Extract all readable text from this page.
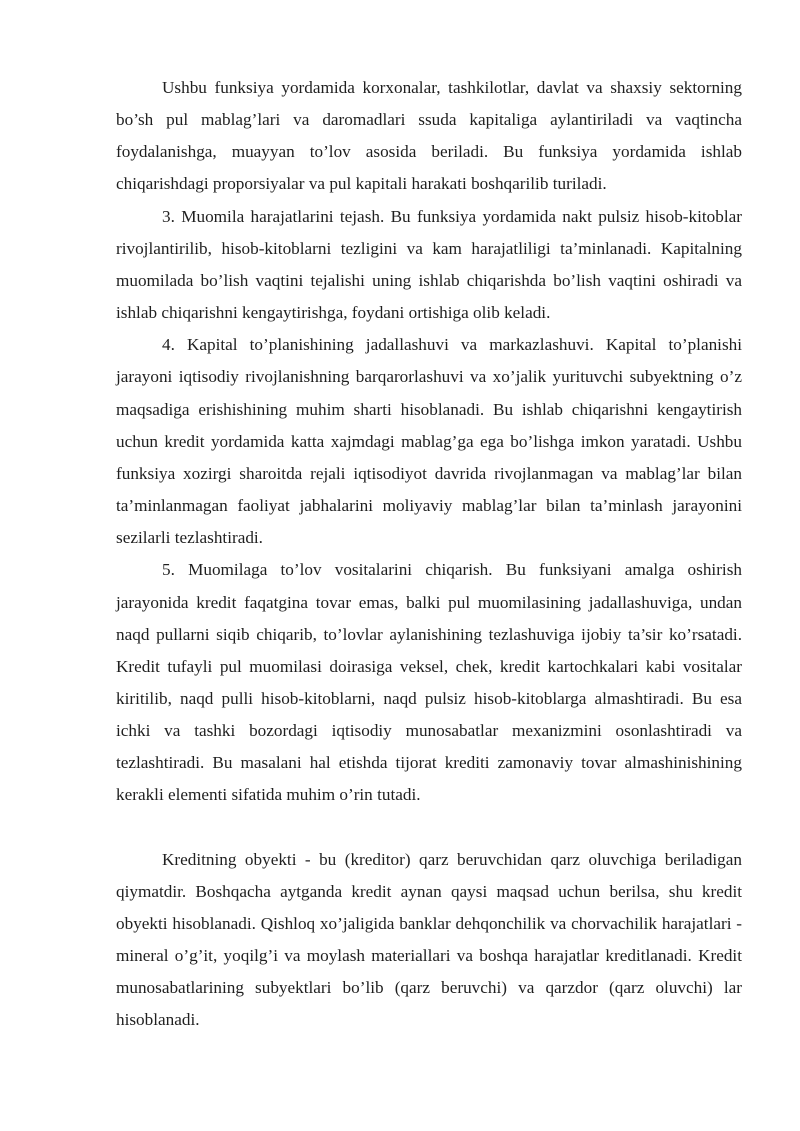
Ushbu funksiya yordamida korxonalar, tashkilotlar, davlat va shaxsiy sektorning bo’sh pul mablag’lari va daromadlari ssuda kapitaliga aylantiriladi va vaqtincha foydalanishga, muayyan to’lov asosida beriladi. Bu funksiya yordamida ishlab chiqarishdagi proporsiyalar va pul kapitali harakati boshqarilib turiladi.

3. Muomila harajatlarini tejash. Bu funksiya yordamida nakt pulsiz hisob-kitoblar rivojlantirilib, hisob-kitoblarni tezligini va kam harajatliligi ta’minlanadi. Kapitalning muomilada bo’lish vaqtini tejalishi uning ishlab chiqarishda bo’lish vaqtini oshiradi va ishlab chiqarishni kengaytirishga, foydani ortishiga olib keladi.

4. Kapital to’planishining jadallashuvi va markazlashuvi. Kapital to’planishi jarayoni iqtisodiy rivojlanishning barqarorlashuvi va xo’jalik yurituvchi subyektning o’z maqsadiga erishishining muhim sharti hisoblanadi. Bu ishlab chiqarishni kengaytirish uchun kredit yordamida katta xajmdagi mablag’ga ega bo’lishga imkon yaratadi. Ushbu funksiya xozirgi sharoitda rejali iqtisodiyot davrida rivojlanmagan va mablag’lar bilan ta’minlanmagan faoliyat jabhalarini moliyaviy mablag’lar bilan ta’minlash jarayonini sezilarli tezlashtiradi.

5. Muomilaga to’lov vositalarini chiqarish. Bu funksiyani amalga oshirish jarayonida kredit faqatgina tovar emas, balki pul muomilasining jadallashuviga, undan naqd pullarni siqib chiqarib, to’lovlar aylanishining tezlashuviga ijobiy ta’sir ko’rsatadi. Kredit tufayli pul muomilasi doirasiga veksel, chek, kredit kartochkalari kabi vositalar kiritilib, naqd pulli hisob-kitoblarni, naqd pulsiz hisob-kitoblarga almashtiradi. Bu esa ichki va tashki bozordagi iqtisodiy munosabatlar mexanizmini osonlashtiradi va tezlashtiradi. Bu masalani hal etishda tijorat krediti zamonaviy tovar almashinishining kerakli elementi sifatida muhim o’rin tutadi.

Kreditning obyekti - bu (kreditor) qarz beruvchidan qarz oluvchiga beriladigan qiymatdir. Boshqacha aytganda kredit aynan qaysi maqsad uchun berilsa, shu kredit obyekti hisoblanadi. Qishloq xo’jaligida banklar dehqonchilik va chorvachilik harajatlari - mineral o’g’it, yoqilg’i va moylash materiallari va boshqa harajatlar kreditlanadi. Kredit munosabatlarining subyektlari bo’lib (qarz beruvchi) va qarzdor (qarz oluvchi) lar hisoblanadi.
